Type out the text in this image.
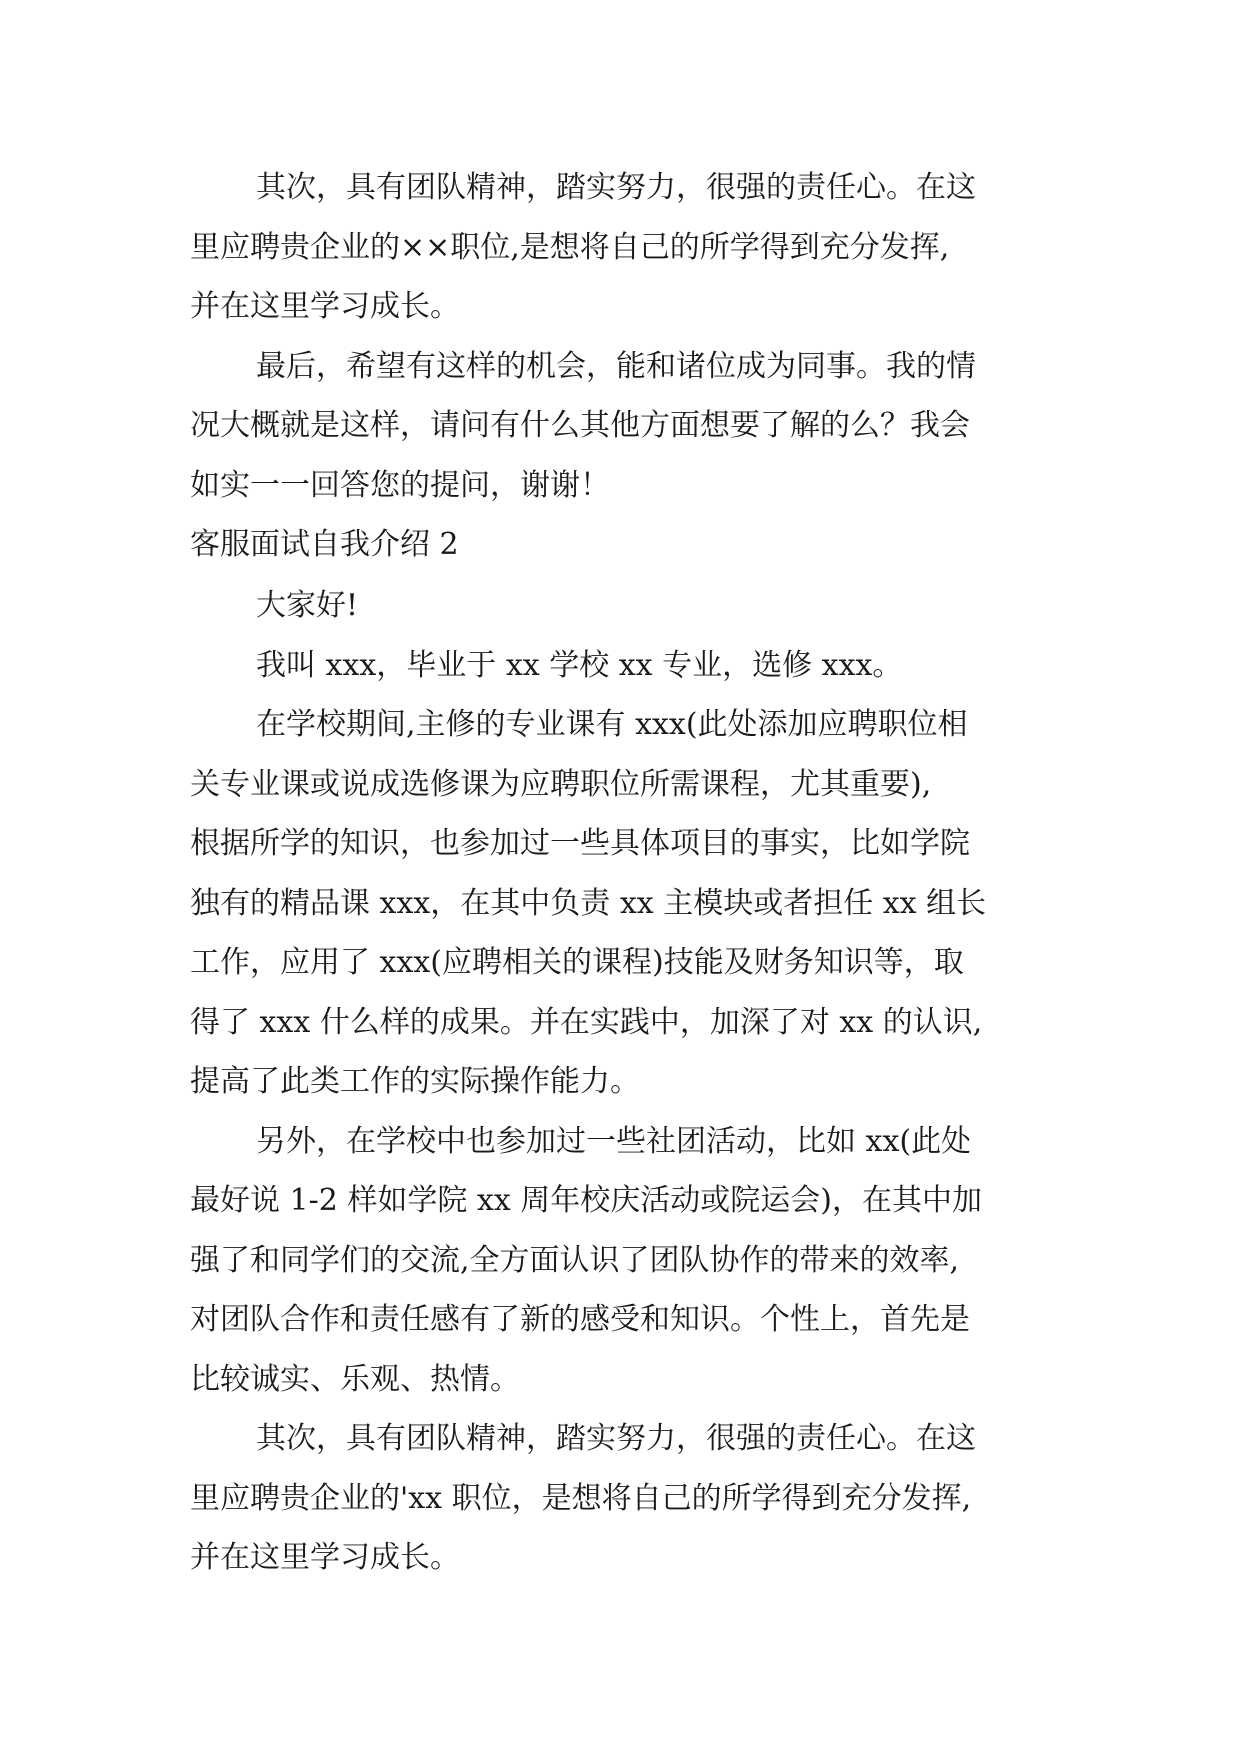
其次，具有团队精神，踏实努力，很强的责任心。在这
里应聘贵企业的××职位,是想将自己的所学得到充分发挥,
并在这里学习成长。
最后，希望有这样的机会，能和诸位成为同事。我的情
况大概就是这样，请问有什么其他方面想要了解的么？我会
如实一一回答您的提问，谢谢！
客服面试自我介绍 2
大家好!
我叫 xxx，毕业于 xx 学校 xx 专业，选修 xxx。
在学校期间,主修的专业课有 xxx(此处添加应聘职位相
关专业课或说成选修课为应聘职位所需课程，尤其重要),
根据所学的知识，也参加过一些具体项目的事实，比如学院
独有的精品课 xxx，在其中负责 xx 主模块或者担任 xx 组长
工作，应用了 xxx(应聘相关的课程)技能及财务知识等，取
得了 xxx 什么样的成果。并在实践中，加深了对 xx 的认识,
提高了此类工作的实际操作能力。
另外，在学校中也参加过一些社团活动，比如 xx(此处
最好说 1-2 样如学院 xx 周年校庆活动或院运会)，在其中加
强了和同学们的交流,全方面认识了团队协作的带来的效率,
对团队合作和责任感有了新的感受和知识。个性上，首先是
比较诚实、乐观、热情。
其次，具有团队精神，踏实努力，很强的责任心。在这
里应聘贵企业的'xx 职位，是想将自己的所学得到充分发挥,
并在这里学习成长。
